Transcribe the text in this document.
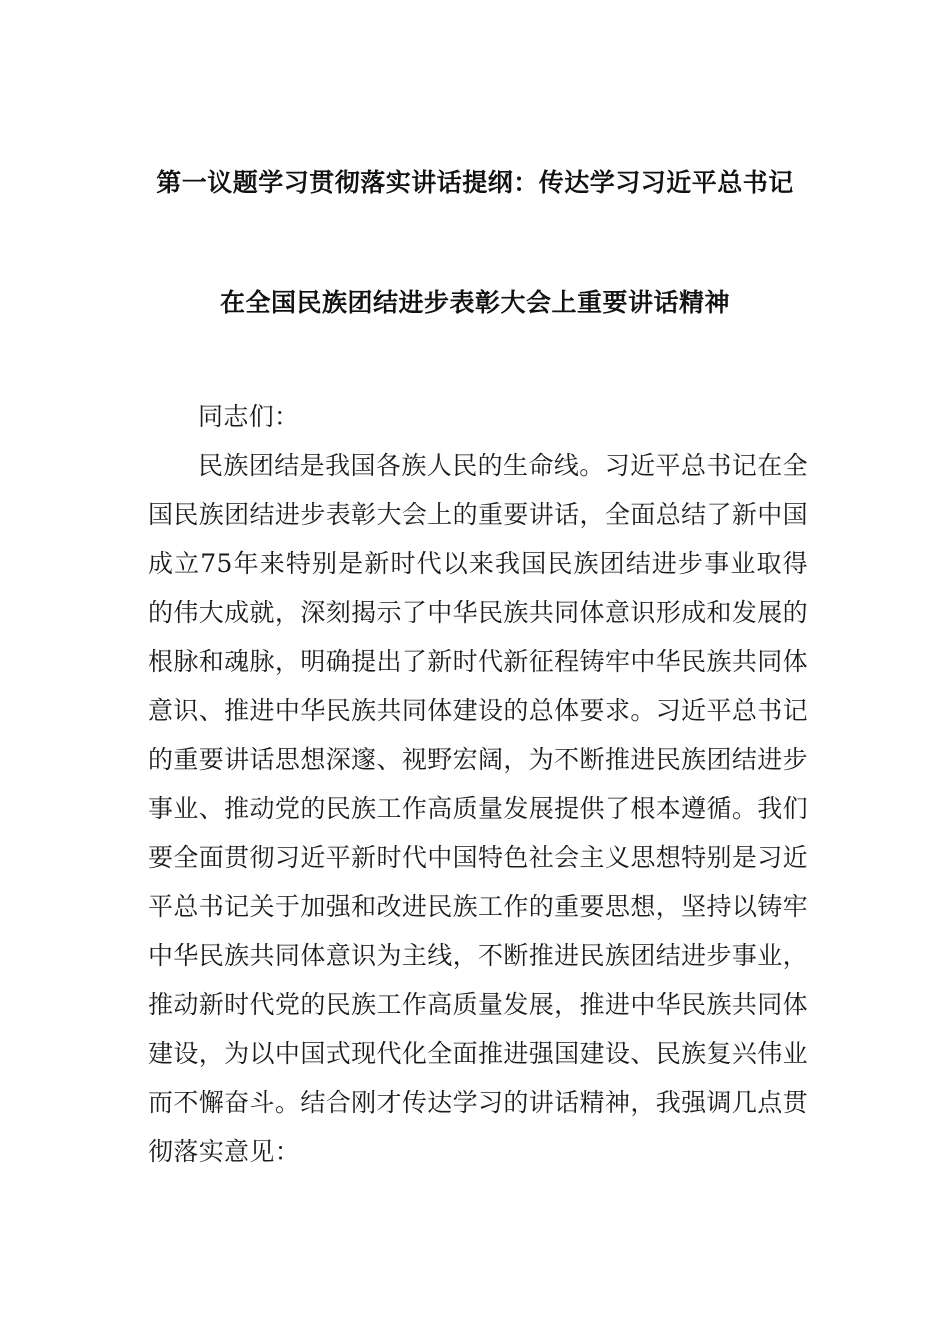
第一议题学习贯彻落实讲话提纲：传达学习习近平总书记
在全国民族团结进步表彰大会上重要讲话精神
同志们：
民族团结是我国各族人民的生命线。习近平总书记在全国民族团结进步表彰大会上的重要讲话，全面总结了新中国成立75年来特别是新时代以来我国民族团结进步事业取得的伟大成就，深刻揭示了中华民族共同体意识形成和发展的根脉和魂脉，明确提出了新时代新征程铸牢中华民族共同体意识、推进中华民族共同体建设的总体要求。习近平总书记的重要讲话思想深邃、视野宏阔，为不断推进民族团结进步事业、推动党的民族工作高质量发展提供了根本遵循。我们要全面贯彻习近平新时代中国特色社会主义思想特别是习近平总书记关于加强和改进民族工作的重要思想，坚持以铸牢中华民族共同体意识为主线，不断推进民族团结进步事业，推动新时代党的民族工作高质量发展，推进中华民族共同体建设，为以中国式现代化全面推进强国建设、民族复兴伟业而不懈奋斗。结合刚才传达学习的讲话精神，我强调几点贯彻落实意见：
